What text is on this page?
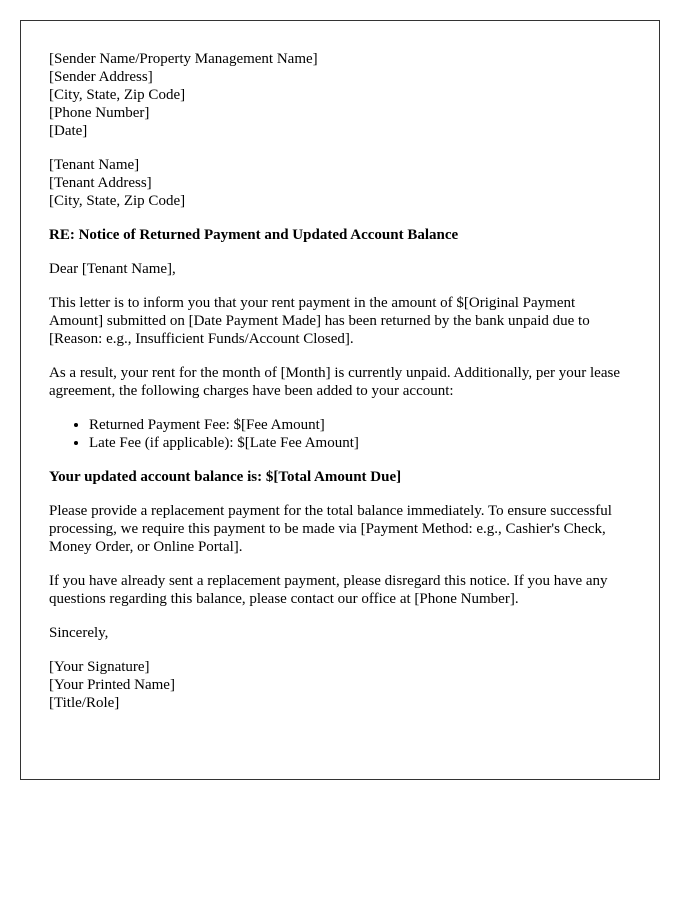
[Sender Name/Property Management Name]
[Sender Address]
[City, State, Zip Code]
[Phone Number]
[Date]
[Tenant Name]
[Tenant Address]
[City, State, Zip Code]

RE: Notice of Returned Payment and Updated Account Balance

Dear [Tenant Name],

This letter is to inform you that your rent payment in the amount of $[Original Payment Amount] submitted on [Date Payment Made] has been returned by the bank unpaid due to [Reason: e.g., Insufficient Funds/Account Closed].

As a result, your rent for the month of [Month] is currently unpaid. Additionally, per your lease agreement, the following charges have been added to your account:

• Returned Payment Fee: $[Fee Amount]
• Late Fee (if applicable): $[Late Fee Amount]

Your updated account balance is: $[Total Amount Due]

Please provide a replacement payment for the total balance immediately. To ensure successful processing, we require this payment to be made via [Payment Method: e.g., Cashier's Check, Money Order, or Online Portal].

If you have already sent a replacement payment, please disregard this notice. If you have any questions regarding this balance, please contact our office at [Phone Number].

Sincerely,

[Your Signature]
[Your Printed Name]
[Title/Role]
